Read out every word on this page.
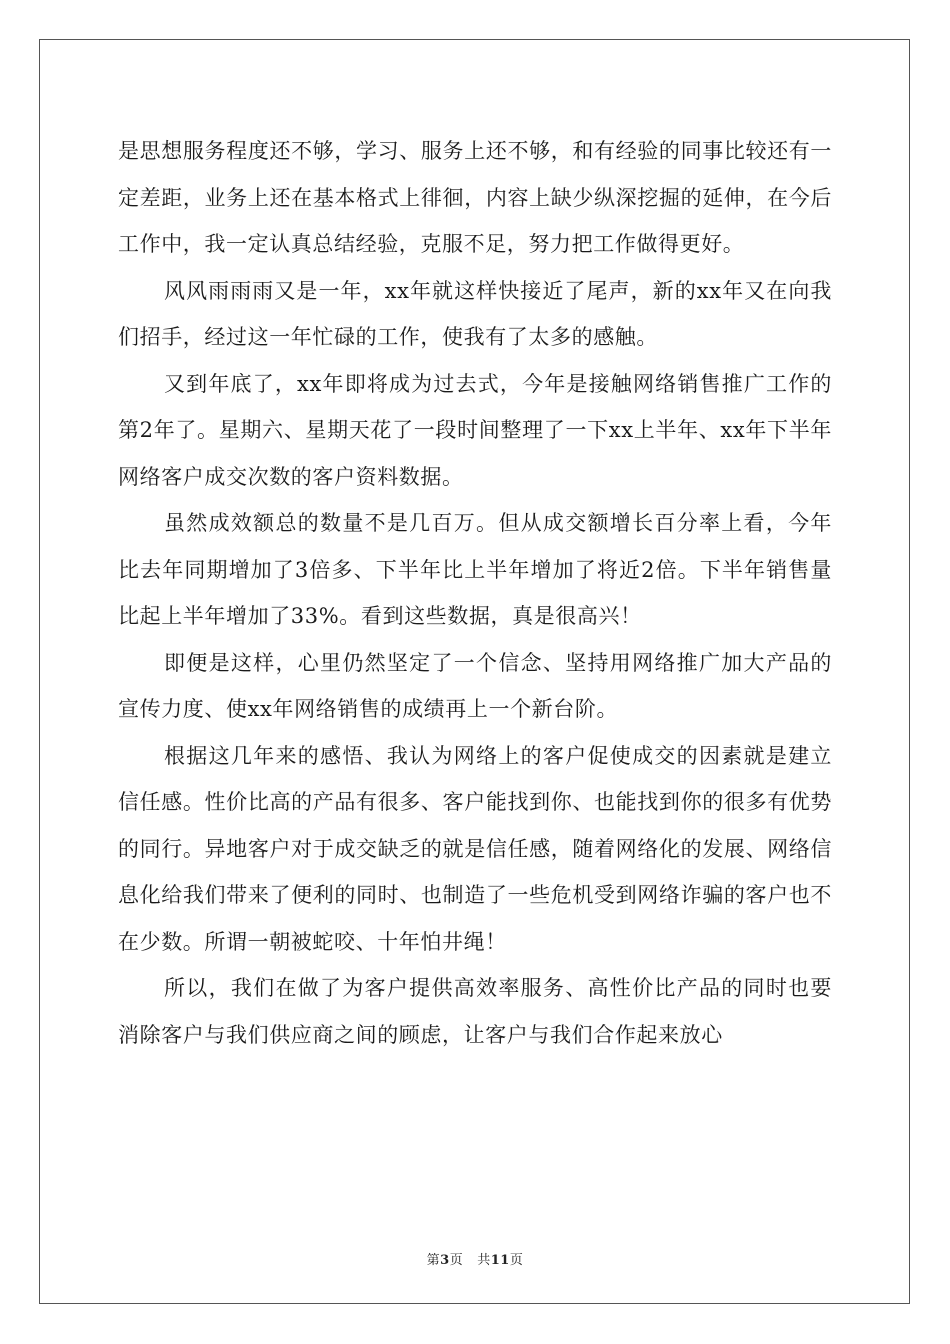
是思想服务程度还不够，学习、服务上还不够，和有经验的同事比较还有一定差距，业务上还在基本格式上徘徊，内容上缺少纵深挖掘的延伸，在今后工作中，我一定认真总结经验，克服不足，努力把工作做得更好。

风风雨雨雨又是一年，xx年就这样快接近了尾声，新的xx年又在向我们招手，经过这一年忙碌的工作，使我有了太多的感触。

又到年底了，xx年即将成为过去式，今年是接触网络销售推广工作的第2年了。星期六、星期天花了一段时间整理了一下xx上半年、xx年下半年网络客户成交次数的客户资料数据。

虽然成效额总的数量不是几百万。但从成交额增长百分率上看，今年比去年同期增加了3倍多、下半年比上半年增加了将近2倍。下半年销售量比起上半年增加了33%。看到这些数据，真是很高兴！

即便是这样，心里仍然坚定了一个信念、坚持用网络推广加大产品的宣传力度、使xx年网络销售的成绩再上一个新台阶。

根据这几年来的感悟、我认为网络上的客户促使成交的因素就是建立信任感。性价比高的产品有很多、客户能找到你、也能找到你的很多有优势的同行。异地客户对于成交缺乏的就是信任感，随着网络化的发展、网络信息化给我们带来了便利的同时、也制造了一些危机受到网络诈骗的客户也不在少数。所谓一朝被蛇咬、十年怕井绳！

所以，我们在做了为客户提供高效率服务、高性价比产品的同时也要消除客户与我们供应商之间的顾虑，让客户与我们合作起来放心

第3页 共11页
